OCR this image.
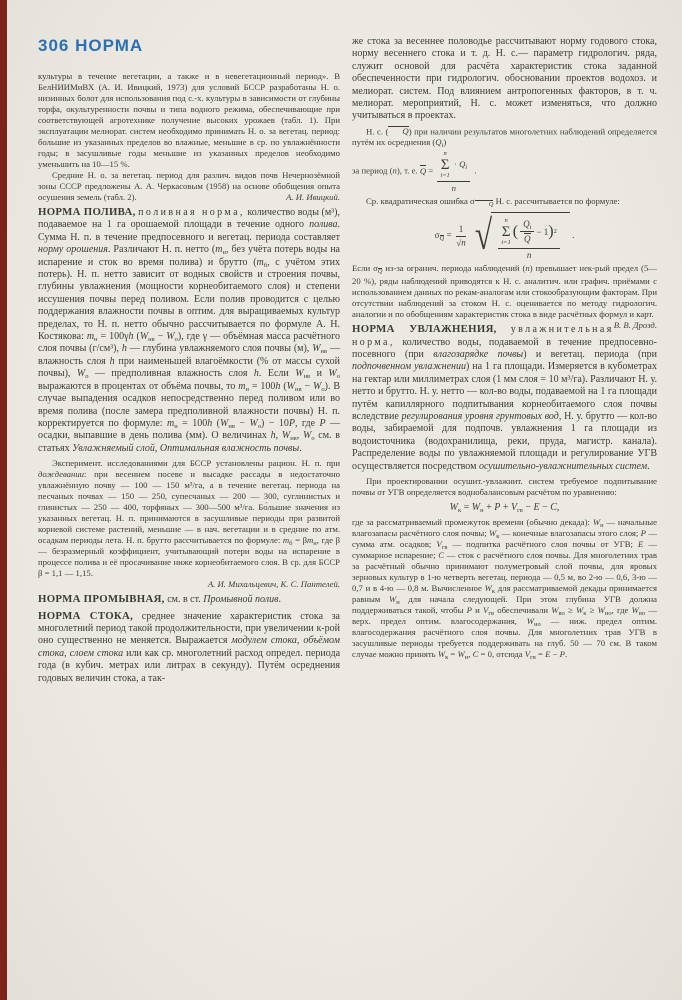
306 НОРМА

культуры в течение вегетации, а также и в невегетационный период». В БелНИИМиВХ (А. И. Ивицкий, 1973) для условий БССР разработаны Н. о. низинных болот для использования под с.-х. культуры в зависимости от глубины торфа, окультуренности почвы и типа водного режима, обеспечивающие при соответствующей агротехнике получение высоких урожаев (табл. 1). При эксплуатации мелиорат. систем необходимо принимать Н. о. за вегетац. период: большие из указанных пределов во влажные, меньшие в ср. по увлажнённости годы; в засушливые годы меньшие из указанных пределов необходимо уменьшить на 10—15 %.

Средние Н. о. за вегетац. период для различ. видов почв Нечернозёмной зоны СССР предложены А. А. Черкасовым (1958) на основе обобщения опыта осушения земель (табл. 2).	А. И. Ивицкий.

НОРМА ПОЛИВА, поливная норма, количество воды (м³), подаваемое на 1 га орошаемой площади в течение одного полива. Сумма Н. п. в течение предпосевного и вегетац. периода составляет норму орошения. Различают Н. п. нетто ($m_н$, без учёта потерь воды на испарение и сток во время полива) и брутто ($m_б$, с учётом этих потерь). Н. п. нетто зависит от водных свойств и строения почвы, глубины увлажнения (мощности корнеобитаемого слоя) и степени иссушения почвы перед поливом. Если полив проводится с целью поддержания влажности почвы в оптим. для выращиваемых культур пределах, то Н. п. нетто обычно рассчитывается по формуле А. Н. Костякова: $m_н = 100\gamma h$ $(W_{нв} - W_о)$, где γ — объёмная масса расчётного слоя почвы (г/см³), h — глубина увлажняемого слоя почвы (м), $W_{нв}$ — влажность слоя h при наименьшей влагоёмкости (% от массы сухой почвы), $W_о$ — предполивная влажность слоя h. Если $W_{нв}$ и $W_о$ выражаются в процентах от объёма почвы, то $m_н = 100h$ $(W_{нв} - W_о)$. В случае выпадения осадков непосредственно перед поливом или во время полива (после замера предполивной влажности почвы) Н. п. корректируется по формуле: $m_н = 100h$ $(W_{нв} - W_о) - 10P$, где P — осадки, выпавшие в день полива (мм). О величинах h, $W_{нв}$, $W_о$ см. в статьях Увлажняемый слой, Оптимальная влажность почвы.

Эксперимент. исследованиями для БССР установлены рацион. Н. п. при дождевании: при весеннем посеве и высадке рассады в недостаточно увлажнённую почву — 100 — 150 м³/га, а в течение вегетац. периода на песчаных почвах — 150 — 250, супесчаных — 200 — 300, суглинистых и глинистых — 250 — 400, торфяных — 300—500 м³/га. Бо́льшие значения из указанных вегетац. Н. п. принимаются в засушливые периоды при развитой корневой системе растений, меньшие — в нач. вегетации и в средние по атм. осадкам периоды лета. Н. п. брутто рассчитывается по формуле: $m_б = \beta m_н$, где β — безразмерный коэффициент, учитывающий потери воды на испарение в процессе полива и её просачивание ниже корнеобитаемого слоя. В ср. для БССР β = 1,1 — 1,15.

А. И. Михальцевич, К. С. Пантелей.

НОРМА ПРОМЫВНАЯ, см. в ст. Промывной полив.

НОРМА СТОКА, среднее значение характеристик стока за многолетний период такой продолжительности, при увеличении к-рой оно существенно не меняется. Выражается модулем стока, объёмом стока, слоем стока или как ср. многолетний расход определ. периода года (в кубич. метрах или литрах в секунду). Путём осреднения годовых величин стока, а так-

же стока за весеннее половодье рассчитывают норму годового стока, норму весеннего стока и т. д. Н. с.— параметр гидрологич. ряда, служит основой для расчёта характеристик стока заданной обеспеченности при гидрологич. обосновании проектов водохоз. и мелиорат. систем. Под влиянием антропогенных факторов, в т. ч. мелиорат. мероприятий, Н. с. может изменяться, что должно учитываться в проектах.

Н. с. ( Q) при наличии результатов многолетних наблюдений определяется путём их осреднения $(Q_i)$

за период (n), т. е. Q = n
Σ
i=1
· $Q_i$
n .

Ср. квадратическая ошибка σ $_Q$ Н. с. рассчитывается по формуле:

$\sigma_Q = \frac{1}{√n}$ √ n
Σ
i=1
( $\frac{Q_i}{Q} - 1$ ) 2
n .

Если $\sigma_Q$ из-за огранич. периода наблюдений (n) превышает нек-рый предел (5—20 %), ряды наблюдений приводятся к Н. с. аналитич. или графич. приёмами с использованием данных по рекам-аналогам или стокообразующим факторам. При отсутствии наблюдений за стоком Н. с. оценивается по методу гидрологич. аналогии и по обобщениям характеристик стока в виде расчётных формул и карт.
В. В. Дрозд.

НОРМА УВЛАЖНЕНИЯ, увлажнительная норма, количество воды, подаваемой в течение предпосевно-посевного (при влагозарядке почвы) и вегетац. периода (при подпочвенном увлажнении) на 1 га площади. Измеряется в кубометрах на гектар или миллиметрах слоя (1 мм слоя = 10 м³/га). Различают Н. у. нетто и брутто. Н. у. нетто — кол-во воды, подаваемой на 1 га площади путём капиллярного подпитывания корнеобитаемого слоя почвы вследствие регулирования уровня грунтовых вод, Н. у. брутто — кол-во воды, забираемой для подпочв. увлажнения 1 га площади из водоисточника (водохранилища, реки, пруда, магистр. канала). Распределение воды по увлажняемой площади и регулирование УГВ осуществляется посредством осушительно-увлажнительных систем.

При проектировании осушит.-увлажнит. систем требуемое подпитывание почвы от УГВ определяется воднобалансовым расчётом по уравнению:

$W_к = W_н + P + V_{гв} - E - C$,

где за рассматриваемый промежуток времени (обычно декада): $W_н$ — начальные влагозапасы расчётного слоя почвы; $W_к$ — конечные влагозапасы этого слоя; P — сумма атм. осадков; $V_{гв}$ — подпитка расчётного слоя почвы от УГВ; E — суммарное испарение; C — сток с расчётного слоя почвы. Для многолетних трав за расчётный обычно принимают полуметровый слой почвы, для яровых зерновых культур в 1-ю четверть вегетац. периода — 0,5 м, во 2-ю — 0,6, 3-ю — 0,7 и в 4-ю — 0,8 м. Вычисленное $W_к$ для рассматриваемой декады принимается равным $W_н$ для начала следующей. При этом глубина УГВ должна поддерживаться такой, чтобы P и $V_{гв}$ обеспечивали $W_{во} \ge W_к \ge W_{но}$, где $W_{во}$ — верх. предел оптим. влагосодержания, $W_{но}$ — ниж. предел оптим. влагосодержания расчётного слоя почвы. Для многолетних трав УГВ в засушливые периоды требуется поддерживать на глуб. 50 — 70 см. В таком случае можно принять $W_к = W_н$, C = 0, отсюда $V_{гв} = E - P$.
